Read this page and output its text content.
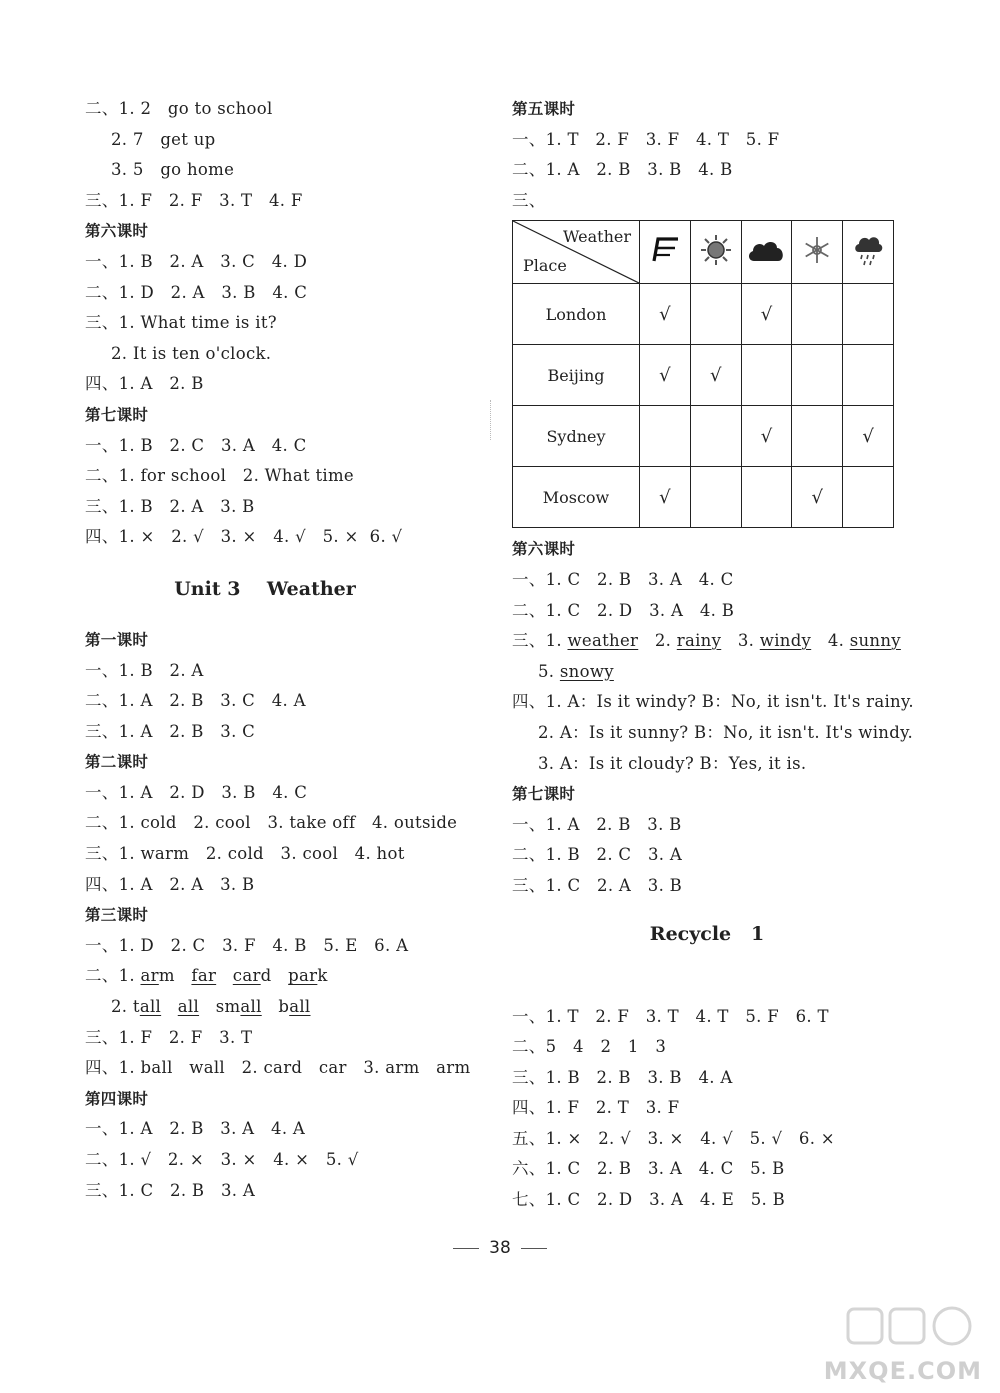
二、1. 2   go to school
2. 7   get up
3. 5   go home
三、1. F   2. F   3. T   4. F
第六课时
一、1. B   2. A   3. C   4. D
二、1. D   2. A   3. B   4. C
三、1. What time is it?
2. It is ten o'clock.
四、1. A   2. B
第七课时
一、1. B   2. C   3. A   4. C
二、1. for school   2. What time
三、1. B   2. A   3. B
四、1. ×   2. √   3. ×   4. √   5. ×  6. √
Unit 3    Weather
第一课时
一、1. B   2. A
二、1. A   2. B   3. C   4. A
三、1. A   2. B   3. C
第二课时
一、1. A   2. D   3. B   4. C
二、1. cold   2. cool   3. take off   4. outside
三、1. warm   2. cold   3. cool   4. hot
四、1. A   2. A   3. B
第三课时
一、1. D   2. C   3. F   4. B   5. E   6. A
二、1. arm   far card   park
2. tall all   small   ball
三、1. F   2. F   3. T
四、1. ball   wall   2. card   car   3. arm   arm
第四课时
一、1. A   2. B   3. A   4. A
二、1. √   2. ×   3. ×   4. ×   5. √
三、1. C   2. B   3. A
第五课时
一、1. T   2. F   3. F   4. T   5. F
二、1. A   2. B   3. B   4. B
三、
Weather
Place

London	√		√		
Beijing	√	√			
Sydney			√		√
Moscow	√			√	
第六课时
一、1. C   2. B   3. A   4. C
二、1. C   2. D   3. A   4. B
三、1. weather   2. rainy   3. windy   4. sunny
5. snowy
四、1. A：Is it windy? B：No, it isn't. It's rainy.
2. A：Is it sunny? B：No, it isn't. It's windy.
3. A：Is it cloudy? B：Yes, it is.
第七课时
一、1. A   2. B   3. B
二、1. B   2. C   3. A
三、1. C   2. A   3. B
Recycle   1
一、1. T   2. F   3. T   4. T   5. F   6. T
二、5   4   2   1   3
三、1. B   2. B   3. B   4. A
四、1. F   2. T   3. F
五、1. ×   2. √   3. ×   4. √   5. √   6. ×
六、1. C   2. B   3. A   4. C   5. B
七、1. C   2. D   3. A   4. E   5. B
38
MXQE.COM
